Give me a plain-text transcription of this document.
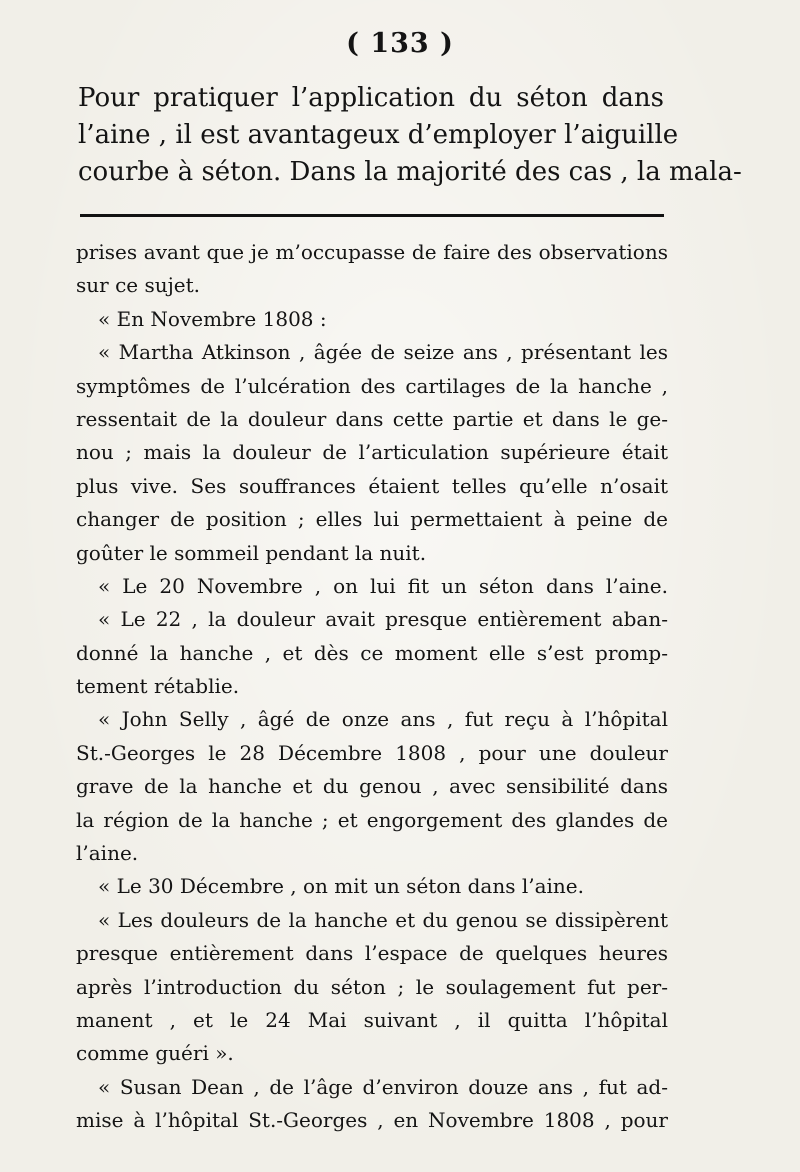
( 133 )
Pour pratiquer l’application du séton dans
l’aine , il est avantageux d’employer l’aiguille
courbe à séton. Dans la majorité des cas , la mala-
prises avant que je m’occupasse de faire des observations
sur ce sujet.
« En Novembre 1808 :
« Martha Atkinson , âgée de seize ans , présentant les
symptômes de l’ulcération des cartilages de la hanche ,
ressentait de la douleur dans cette partie et dans le ge-
nou ; mais la douleur de l’articulation supérieure était
plus vive. Ses souffrances étaient telles qu’elle n’osait
changer de position ; elles lui permettaient à peine de
goûter le sommeil pendant la nuit.
« Le 20 Novembre , on lui fit un séton dans l’aine.
« Le 22 , la douleur avait presque entièrement aban-
donné la hanche , et dès ce moment elle s’est promp-
tement rétablie.
« John Selly , âgé de onze ans , fut reçu à l’hôpital
St.-Georges le 28 Décembre 1808 , pour une douleur
grave de la hanche et du genou , avec sensibilité dans
la région de la hanche ; et engorgement des glandes de
l’aine.
« Le 30 Décembre , on mit un séton dans l’aine.
« Les douleurs de la hanche et du genou se dissipèrent
presque entièrement dans l’espace de quelques heures
après l’introduction du séton ; le soulagement fut per-
manent , et le 24 Mai suivant , il quitta l’hôpital
comme guéri ».
« Susan Dean , de l’âge d’environ douze ans , fut ad-
mise à l’hôpital St.-Georges , en Novembre 1808 , pour
